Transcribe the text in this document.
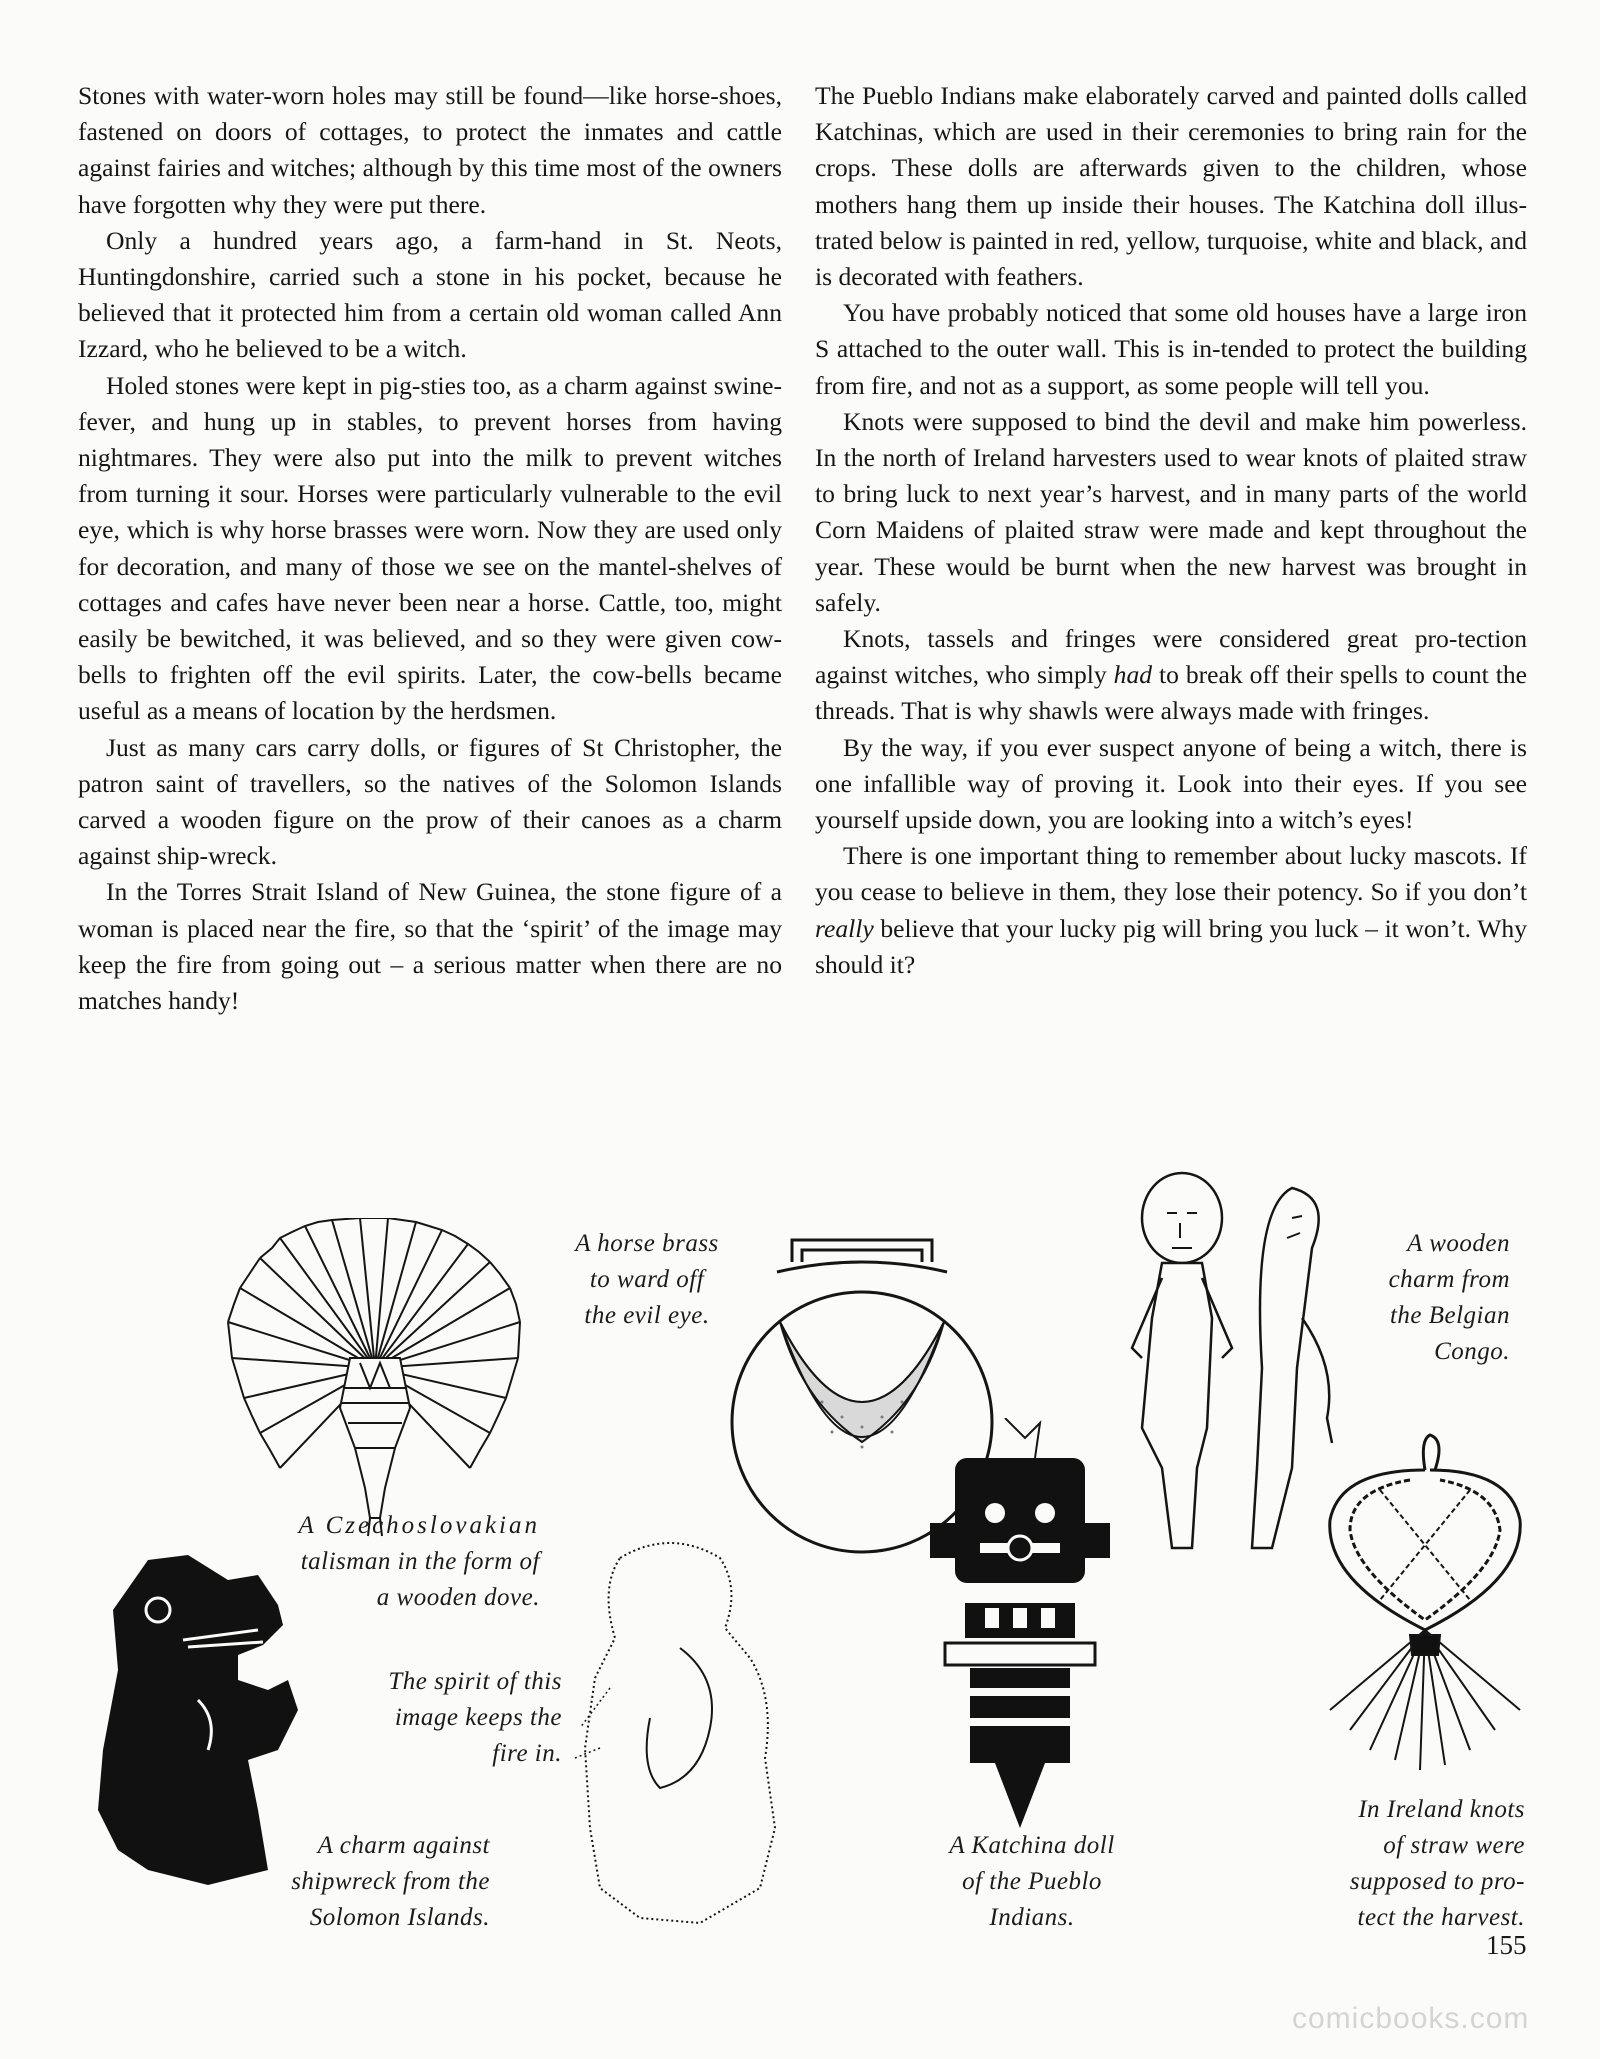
Stones with water-worn holes may still be found—like horse-shoes, fastened on doors of cottages, to protect the inmates and cattle against fairies and witches; although by this time most of the owners have forgotten why they were put there.

Only a hundred years ago, a farm-hand in St. Neots, Huntingdonshire, carried such a stone in his pocket, because he believed that it protected him from a certain old woman called Ann Izzard, who he believed to be a witch.

Holed stones were kept in pig-sties too, as a charm against swine-fever, and hung up in stables, to prevent horses from having nightmares. They were also put into the milk to prevent witches from turning it sour. Horses were particularly vulnerable to the evil eye, which is why horse brasses were worn. Now they are used only for decoration, and many of those we see on the mantel-shelves of cottages and cafes have never been near a horse. Cattle, too, might easily be bewitched, it was believed, and so they were given cow-bells to frighten off the evil spirits. Later, the cow-bells became useful as a means of location by the herdsmen.

Just as many cars carry dolls, or figures of St Christopher, the patron saint of travellers, so the natives of the Solomon Islands carved a wooden figure on the prow of their canoes as a charm against ship-wreck.

In the Torres Strait Island of New Guinea, the stone figure of a woman is placed near the fire, so that the ‘spirit’ of the image may keep the fire from going out – a serious matter when there are no matches handy!

The Pueblo Indians make elaborately carved and painted dolls called Katchinas, which are used in their ceremonies to bring rain for the crops. These dolls are afterwards given to the children, whose mothers hang them up inside their houses. The Katchina doll illus-trated below is painted in red, yellow, turquoise, white and black, and is decorated with feathers.

You have probably noticed that some old houses have a large iron S attached to the outer wall. This is in-tended to protect the building from fire, and not as a support, as some people will tell you.

Knots were supposed to bind the devil and make him powerless. In the north of Ireland harvesters used to wear knots of plaited straw to bring luck to next year’s harvest, and in many parts of the world Corn Maidens of plaited straw were made and kept throughout the year. These would be burnt when the new harvest was brought in safely.

Knots, tassels and fringes were considered great pro-tection against witches, who simply had to break off their spells to count the threads. That is why shawls were always made with fringes.

By the way, if you ever suspect anyone of being a witch, there is one infallible way of proving it. Look into their eyes. If you see yourself upside down, you are looking into a witch’s eyes!

There is one important thing to remember about lucky mascots. If you cease to believe in them, they lose their potency. So if you don’t really believe that your lucky pig will bring you luck – it won’t. Why should it?

A horse brass
to ward off
the evil eye.
A wooden
charm from
the Belgian
Congo.
A Czechoslovakian
talisman in the form of
a wooden dove.
The spirit of this
image keeps the
fire in.
A charm against
shipwreck from the
Solomon Islands.
A Katchina doll
of the Pueblo
Indians.
In Ireland knots
of straw were
supposed to pro-
tect the harvest.
155
comicbooks.com
